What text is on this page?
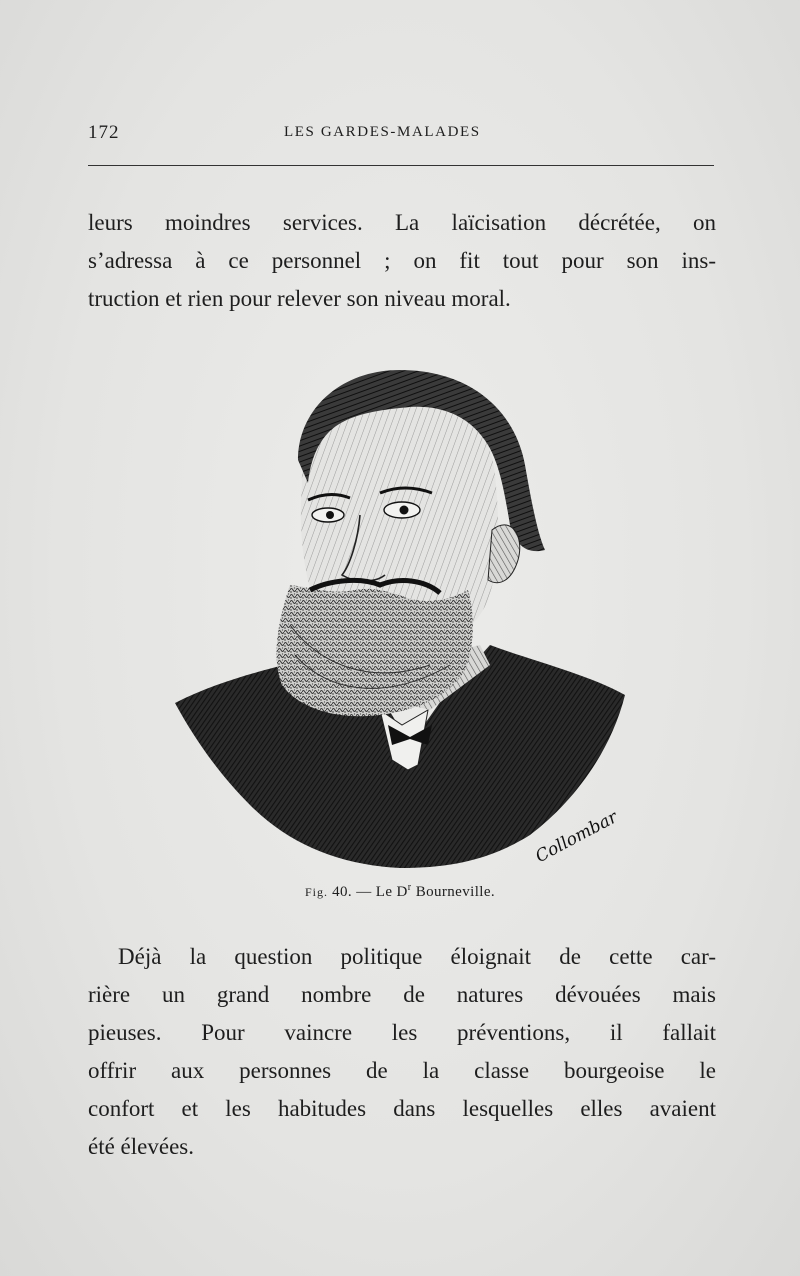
172	LES GARDES-MALADES

leurs moindres services. La laïcisation décrétée, on
s’adressa à ce personnel ; on fit tout pour son ins-
truction et rien pour relever son niveau moral.

Collombar
Fig. 40. — Le $D^r$ Bourneville.

Déjà la question politique éloignait de cette car-
rière un grand nombre de natures dévouées mais
pieuses. Pour vaincre les préventions, il fallait
offrir aux personnes de la classe bourgeoise le
confort et les habitudes dans lesquelles elles avaient
été élevées.
